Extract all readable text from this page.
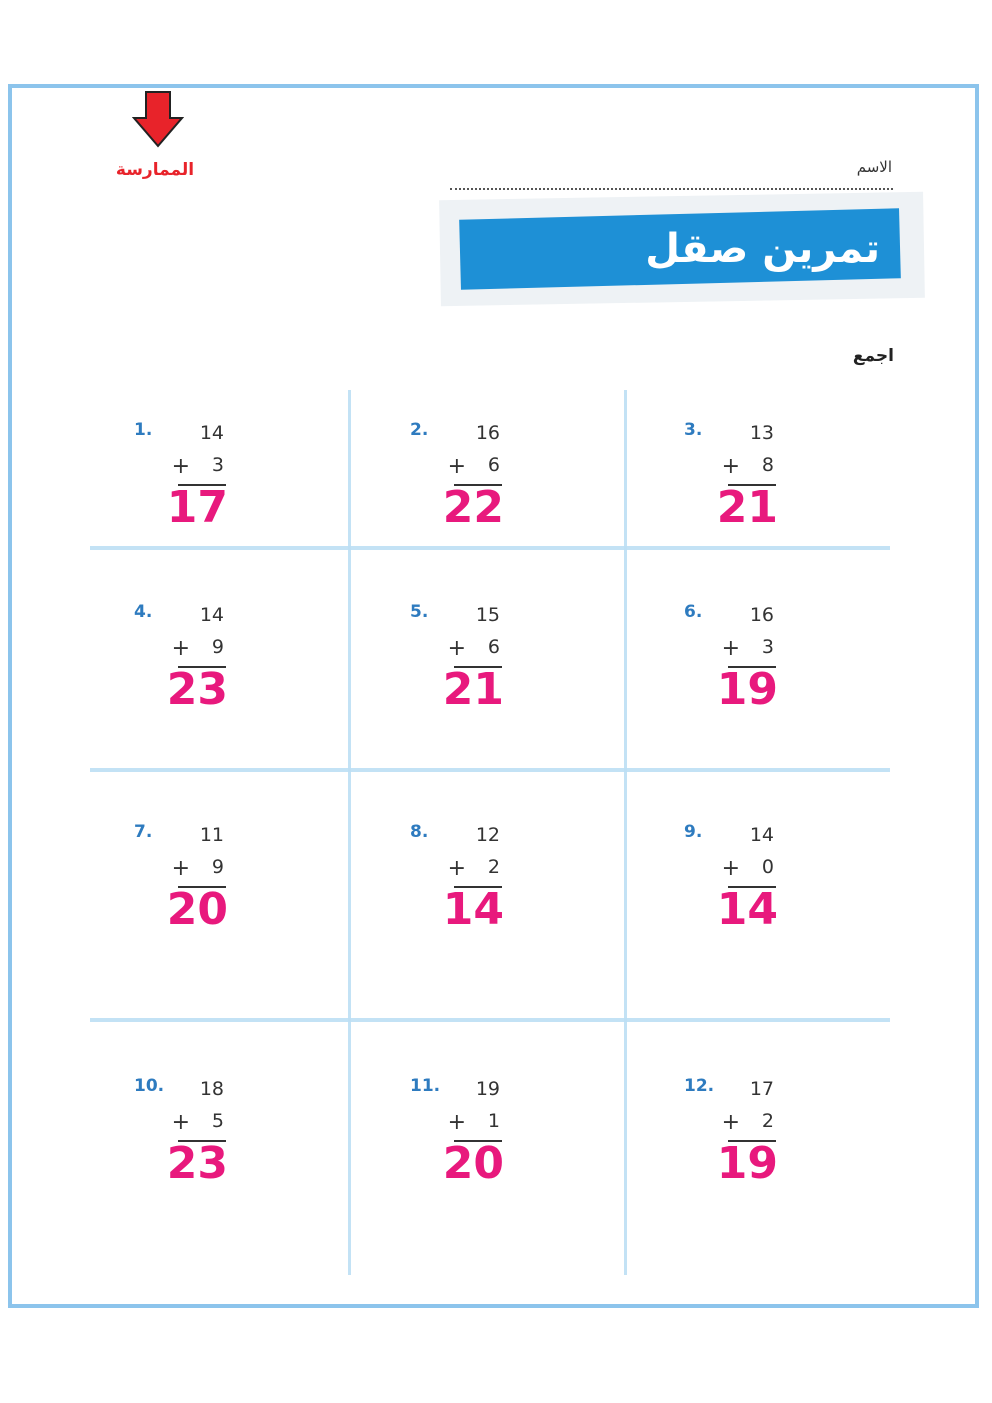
الممارسة	الاسم
تمرين صقل المهارات
اجمع
1.	14
+ 3
17
2.	16
+ 6
22
3.	13
+ 8
21
4.	14
+ 9
23
5.	15
+ 6
21
6.	16
+ 3
19
7.	11
+ 9
20
8.	12
+ 2
14
9.	14
+ 0
14
10. 18
+ 5
23
11. 19
+ 1
20
12. 17
+ 2
19
